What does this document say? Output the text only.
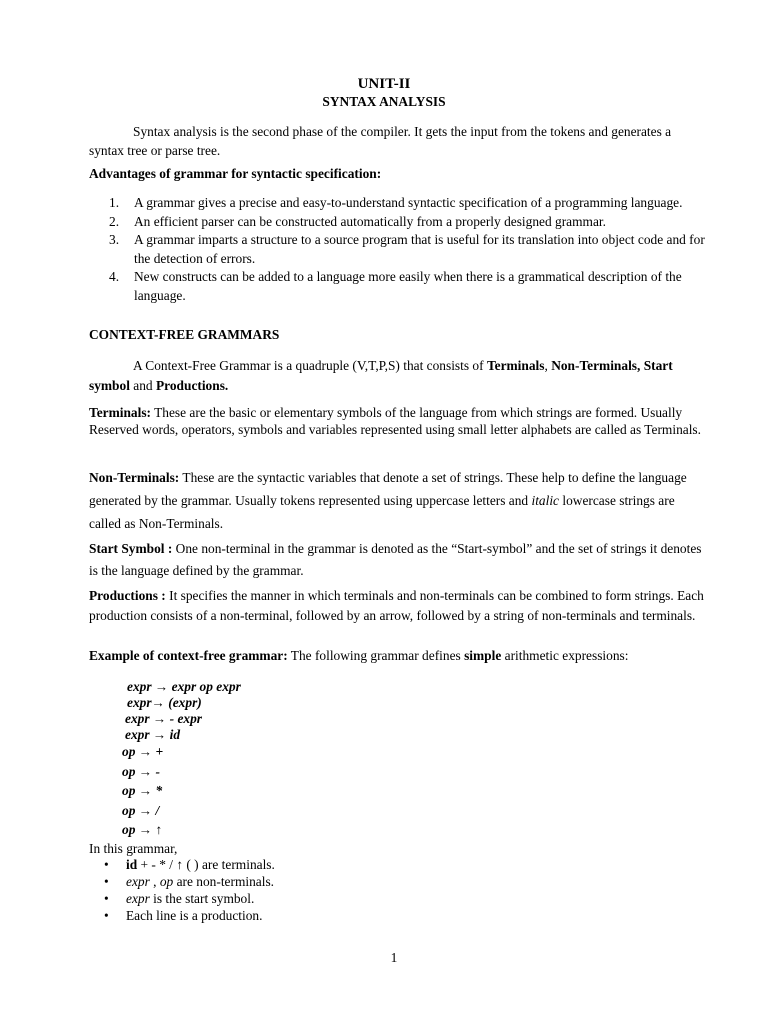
UNIT-II
SYNTAX ANALYSIS

Syntax analysis is the second phase of the compiler. It gets the input from the tokens and generates a syntax tree or parse tree.

Advantages of grammar for syntactic specification:
1. A grammar gives a precise and easy-to-understand syntactic specification of a programming language.
2. An efficient parser can be constructed automatically from a properly designed grammar.
3. A grammar imparts a structure to a source program that is useful for its translation into object code and for the detection of errors.
4. New constructs can be added to a language more easily when there is a grammatical description of the language.
CONTEXT-FREE GRAMMARS

A Context-Free Grammar is a quadruple (V,T,P,S) that consists of Terminals, Non-Terminals, Start symbol and Productions.

Terminals: These are the basic or elementary symbols of the language from which strings are formed. Usually Reserved words, operators, symbols and variables represented using small letter alphabets are called as Terminals.

Non-Terminals: These are the syntactic variables that denote a set of strings. These help to define the language generated by the grammar. Usually tokens represented using uppercase letters and italic lowercase strings are called as Non-Terminals.

Start Symbol : One non-terminal in the grammar is denoted as the “Start-symbol” and the set of strings it denotes is the language defined by the grammar.

Productions : It specifies the manner in which terminals and non-terminals can be combined to form strings. Each production consists of a non-terminal, followed by an arrow, followed by a string of non-terminals and terminals.

Example of context-free grammar: The following grammar defines simple arithmetic expressions:

expr → expr op expr
expr→ (expr)
expr → - expr
expr → id
op → +
op → -
op → *
op → /
op → ↑
In this grammar,
• id + - * / ↑ ( ) are terminals.
• expr , op are non-terminals.
• expr is the start symbol.
• Each line is a production.
1
